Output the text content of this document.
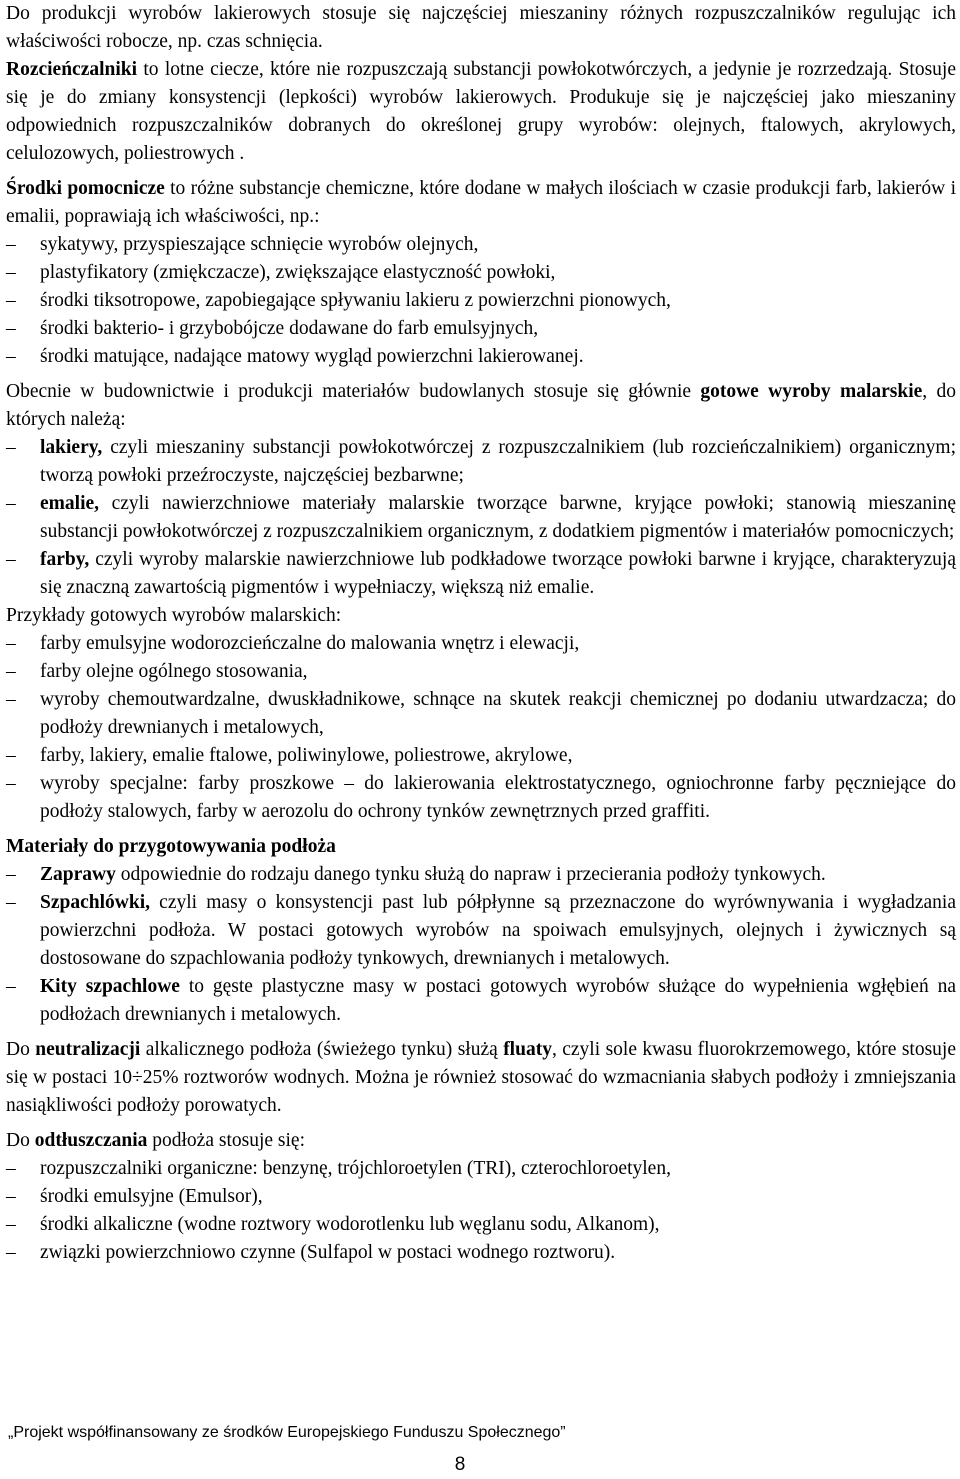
Do produkcji wyrobów lakierowych stosuje się najczęściej mieszaniny różnych rozpuszczalników regulując ich właściwości robocze, np. czas schnięcia.

Rozcieńczalniki to lotne ciecze, które nie rozpuszczają substancji powłokotwórczych, a jedynie je rozrzedzają. Stosuje się je do zmiany konsystencji (lepkości) wyrobów lakierowych. Produkuje się je najczęściej jako mieszaniny odpowiednich rozpuszczalników dobranych do określonej grupy wyrobów: olejnych, ftalowych, akrylowych, celulozowych, poliestrowych .

Środki pomocnicze to różne substancje chemiczne, które dodane w małych ilościach w czasie produkcji farb, lakierów i emalii, poprawiają ich właściwości, np.:

– sykatywy, przyspieszające schnięcie wyrobów olejnych,
– plastyfikatory (zmiękczacze), zwiększające elastyczność powłoki,
– środki tiksotropowe, zapobiegające spływaniu lakieru z powierzchni pionowych,
– środki bakterio- i grzybobójcze dodawane do farb emulsyjnych,
– środki matujące, nadające matowy wygląd powierzchni lakierowanej.

Obecnie w budownictwie i produkcji materiałów budowlanych stosuje się głównie gotowe wyroby malarskie, do których należą:

– lakiery, czyli mieszaniny substancji powłokotwórczej z rozpuszczalnikiem (lub rozcieńczalnikiem) organicznym; tworzą powłoki przeźroczyste, najczęściej bezbarwne;
– emalie, czyli nawierzchniowe materiały malarskie tworzące barwne, kryjące powłoki; stanowią mieszaninę substancji powłokotwórczej z rozpuszczalnikiem organicznym, z dodatkiem pigmentów i materiałów pomocniczych;
– farby, czyli wyroby malarskie nawierzchniowe lub podkładowe tworzące powłoki barwne i kryjące, charakteryzują się znaczną zawartością pigmentów i wypełniaczy, większą niż emalie.

Przykłady gotowych wyrobów malarskich:

– farby emulsyjne wodorozcieńczalne do malowania wnętrz i elewacji,
– farby olejne ogólnego stosowania,
– wyroby chemoutwardzalne, dwuskładnikowe, schnące na skutek reakcji chemicznej po dodaniu utwardzacza; do podłoży drewnianych i metalowych,
– farby, lakiery, emalie ftalowe, poliwinylowe, poliestrowe, akrylowe,
– wyroby specjalne: farby proszkowe – do lakierowania elektrostatycznego, ogniochronne farby pęczniejące do podłoży stalowych, farby w aerozolu do ochrony tynków zewnętrznych przed graffiti.
Materiały do przygotowywania podłoża
– Zaprawy odpowiednie do rodzaju danego tynku służą do napraw i przecierania podłoży tynkowych.
– Szpachlówki, czyli masy o konsystencji past lub półpłynne są przeznaczone do wyrównywania i wygładzania powierzchni podłoża. W postaci gotowych wyrobów na spoiwach emulsyjnych, olejnych i żywicznych są dostosowane do szpachlowania podłoży tynkowych, drewnianych i metalowych.
– Kity szpachlowe to gęste plastyczne masy w postaci gotowych wyrobów służące do wypełnienia wgłębień na podłożach drewnianych i metalowych.

Do neutralizacji alkalicznego podłoża (świeżego tynku) służą fluaty, czyli sole kwasu fluorokrzemowego, które stosuje się w postaci 10÷25% roztworów wodnych. Można je również stosować do wzmacniania słabych podłoży i zmniejszania nasiąkliwości podłoży porowatych.

Do odtłuszczania podłoża stosuje się:

– rozpuszczalniki organiczne: benzynę, trójchloroetylen (TRI), czterochloroetylen,
– środki emulsyjne (Emulsor),
– środki alkaliczne (wodne roztwory wodorotlenku lub węglanu sodu, Alkanom),
– związki powierzchniowo czynne (Sulfapol w postaci wodnego roztworu).
„Projekt współfinansowany ze środków Europejskiego Funduszu Społecznego”
8
